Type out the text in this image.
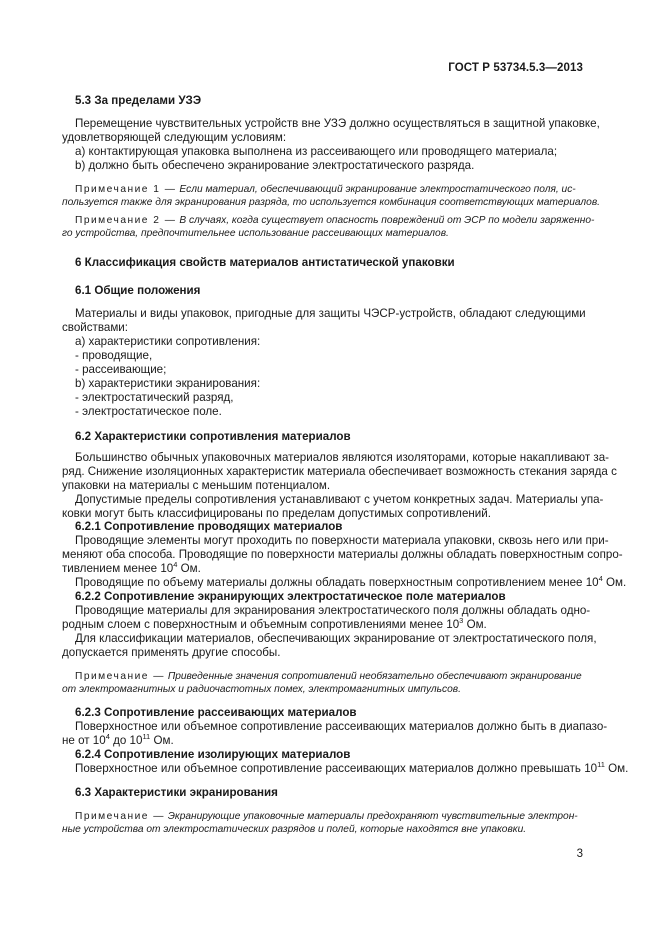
ГОСТ Р 53734.5.3—2013
5.3 За пределами УЗЭ
Перемещение чувствительных устройств вне УЗЭ должно осуществляться в защитной упаковке,
удовлетворяющей следующим условиям:
a) контактирующая упаковка выполнена из рассеивающего или проводящего материала;
b) должно быть обеспечено экранирование электростатического разряда.
Примечание 1 — Если материал, обеспечивающий экранирование электростатического поля, ис-
пользуется также для экранирования разряда, то используется комбинация соответствующих материалов.
Примечание 2 — В случаях, когда существует опасность повреждений от ЭСР по модели заряженно-
го устройства, предпочтительнее использование рассеивающих материалов.
6 Классификация свойств материалов антистатической упаковки
6.1 Общие положения
Материалы и виды упаковок, пригодные для защиты ЧЭСР-устройств, обладают следующими
свойствами:
a) характеристики сопротивления:
- проводящие,
- рассеивающие;
b) характеристики экранирования:
- электростатический разряд,
- электростатическое поле.
6.2 Характеристики сопротивления материалов
Большинство обычных упаковочных материалов являются изоляторами, которые накапливают за-
ряд. Снижение изоляционных характеристик материала обеспечивает возможность стекания заряда с
упаковки на материалы с меньшим потенциалом.
Допустимые пределы сопротивления устанавливают с учетом конкретных задач. Материалы упа-
ковки могут быть классифицированы по пределам допустимых сопротивлений.
6.2.1 Сопротивление проводящих материалов
Проводящие элементы могут проходить по поверхности материала упаковки, сквозь него или при-
меняют оба способа. Проводящие по поверхности материалы должны обладать поверхностным сопро-
тивлением менее $10^4$ Ом.
Проводящие по объему материалы должны обладать поверхностным сопротивлением менее $10^4$ Ом.
6.2.2 Сопротивление экранирующих электростатическое поле материалов
Проводящие материалы для экранирования электростатического поля должны обладать одно-
родным слоем с поверхностным и объемным сопротивлениями менее $10^3$ Ом.
Для классификации материалов, обеспечивающих экранирование от электростатического поля,
допускается применять другие способы.
Примечание — Приведенные значения сопротивлений необязательно обеспечивают экранирование
от электромагнитных и радиочастотных помех, электромагнитных импульсов.
6.2.3 Сопротивление рассеивающих материалов
Поверхностное или объемное сопротивление рассеивающих материалов должно быть в диапазо-
не от $10^4$ до $10^{11}$ Ом.
6.2.4 Сопротивление изолирующих материалов
Поверхностное или объемное сопротивление рассеивающих материалов должно превышать $10^{11}$ Ом.
6.3 Характеристики экранирования
Примечание — Экранирующие упаковочные материалы предохраняют чувствительные электрон-
ные устройства от электростатических разрядов и полей, которые находятся вне упаковки.
3
